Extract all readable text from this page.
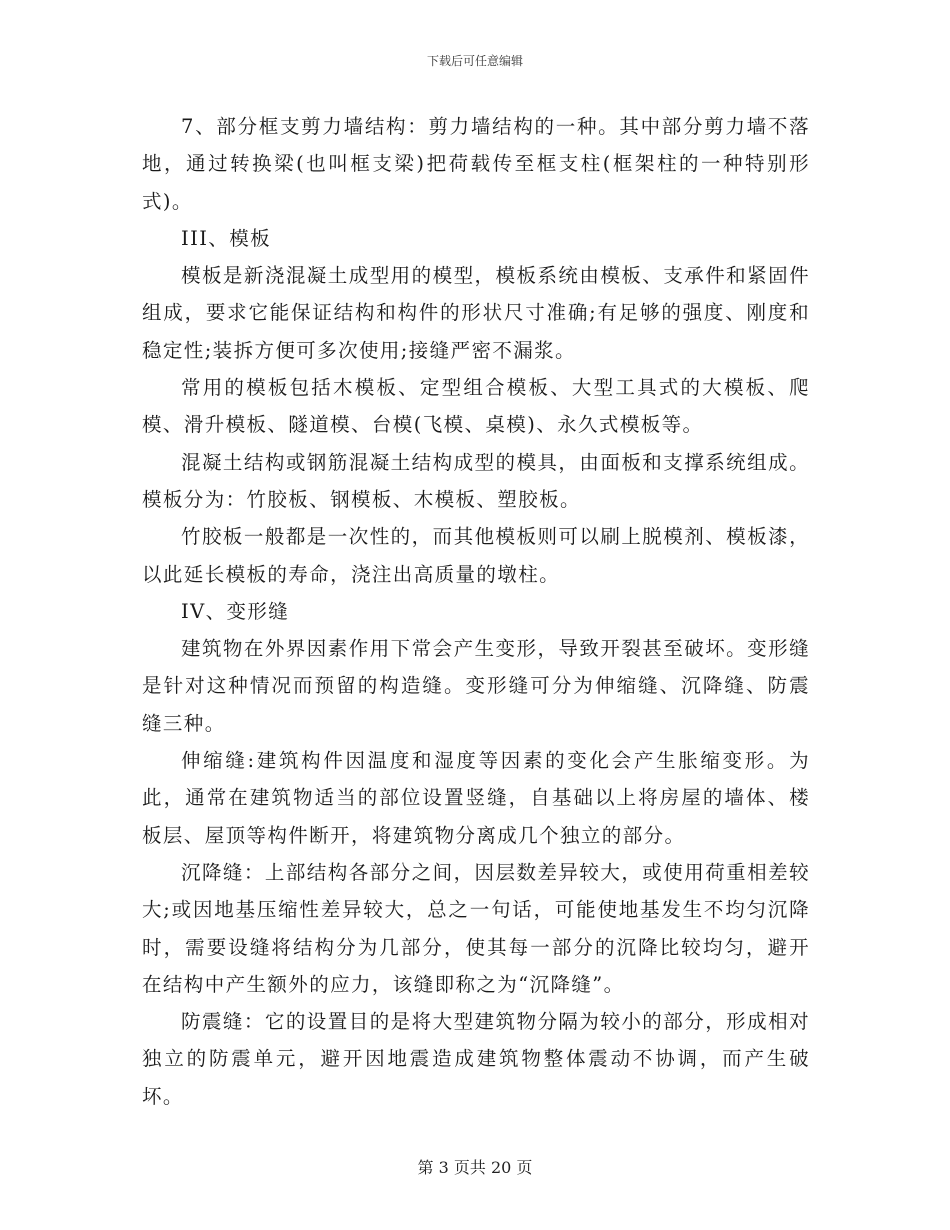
下载后可任意编辑

7、部分框支剪力墙结构：剪力墙结构的一种。其中部分剪力墙不落地，通过转换梁(也叫框支梁)把荷载传至框支柱(框架柱的一种特别形式)。

III、模板

模板是新浇混凝土成型用的模型，模板系统由模板、支承件和紧固件组成，要求它能保证结构和构件的形状尺寸准确;有足够的强度、刚度和稳定性;装拆方便可多次使用;接缝严密不漏浆。

常用的模板包括木模板、定型组合模板、大型工具式的大模板、爬模、滑升模板、隧道模、台模(飞模、桌模)、永久式模板等。

混凝土结构或钢筋混凝土结构成型的模具，由面板和支撑系统组成。模板分为：竹胶板、钢模板、木模板、塑胶板。

竹胶板一般都是一次性的，而其他模板则可以刷上脱模剂、模板漆，以此延长模板的寿命，浇注出高质量的墩柱。

IV、变形缝

建筑物在外界因素作用下常会产生变形，导致开裂甚至破坏。变形缝是针对这种情况而预留的构造缝。变形缝可分为伸缩缝、沉降缝、防震缝三种。

伸缩缝:建筑构件因温度和湿度等因素的变化会产生胀缩变形。为此，通常在建筑物适当的部位设置竖缝，自基础以上将房屋的墙体、楼板层、屋顶等构件断开，将建筑物分离成几个独立的部分。

沉降缝：上部结构各部分之间，因层数差异较大，或使用荷重相差较大;或因地基压缩性差异较大，总之一句话，可能使地基发生不均匀沉降时，需要设缝将结构分为几部分，使其每一部分的沉降比较均匀，避开在结构中产生额外的应力，该缝即称之为“沉降缝”。

防震缝：它的设置目的是将大型建筑物分隔为较小的部分，形成相对独立的防震单元，避开因地震造成建筑物整体震动不协调，而产生破坏。

第 3 页共 20 页
